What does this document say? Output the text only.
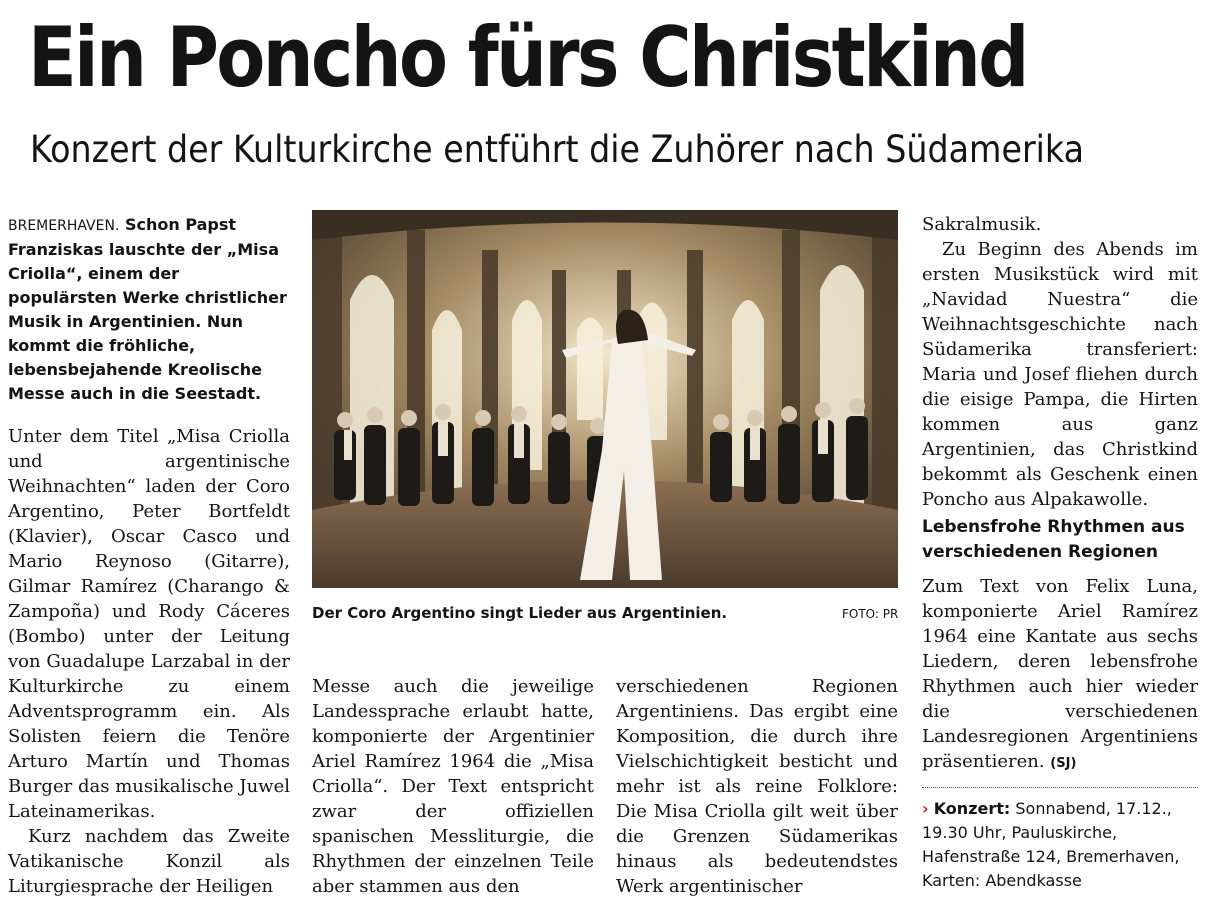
Ein Poncho fürs Christkind
Konzert der Kulturkirche entführt die Zuhörer nach Südamerika

BREMERHAVEN. Schon Papst Franziskas lauschte der „Misa Criolla“, einem der populärsten Werke christlicher Musik in Argentinien. Nun kommt die fröhliche, lebensbejahende Kreolische Messe auch in die Seestadt.

Unter dem Titel „Misa Criolla und argentinische Weihnachten“ laden der Coro Argentino, Peter Bortfeldt (Klavier), Oscar Casco und Mario Reynoso (Gitarre), Gilmar Ramírez (Charango & Zampoña) und Rody Cáceres (Bombo) unter der Leitung von Guadalupe Larzabal in der Kulturkirche zu einem Adventsprogramm ein. Als Solisten feiern die Tenöre Arturo Martín und Thomas Burger das musikalische Juwel Lateinamerikas.

Kurz nachdem das Zweite Vatikanische Konzil als Liturgiesprache der Heiligen

Der Coro Argentino singt Lieder aus Argentinien.	FOTO: PR

Messe auch die jeweilige Landessprache erlaubt hatte, komponierte der Argentinier Ariel Ramírez 1964 die „Misa Criolla“. Der Text entspricht zwar der offiziellen spanischen Messliturgie, die Rhythmen der einzelnen Teile aber stammen aus den

verschiedenen Regionen Argentiniens. Das ergibt eine Komposition, die durch ihre Vielschichtigkeit besticht und mehr ist als reine Folklore: Die Misa Criolla gilt weit über die Grenzen Südamerikas hinaus als bedeutendstes Werk argentinischer

Sakralmusik.

Zu Beginn des Abends im ersten Musikstück wird mit „Navidad Nuestra“ die Weihnachtsgeschichte nach Südamerika transferiert: Maria und Josef fliehen durch die eisige Pampa, die Hirten kommen aus ganz Argentinien, das Christkind bekommt als Geschenk einen Poncho aus Alpakawolle.

Lebensfrohe Rhythmen aus verschiedenen Regionen

Zum Text von Felix Luna, komponierte Ariel Ramírez 1964 eine Kantate aus sechs Liedern, deren lebensfrohe Rhythmen auch hier wieder die verschiedenen Landesregionen Argentiniens präsentieren. (SJ)

› Konzert: Sonnabend, 17.12., 19.30 Uhr, Pauluskirche, Hafenstraße 124, Bremerhaven, Karten: Abendkasse
